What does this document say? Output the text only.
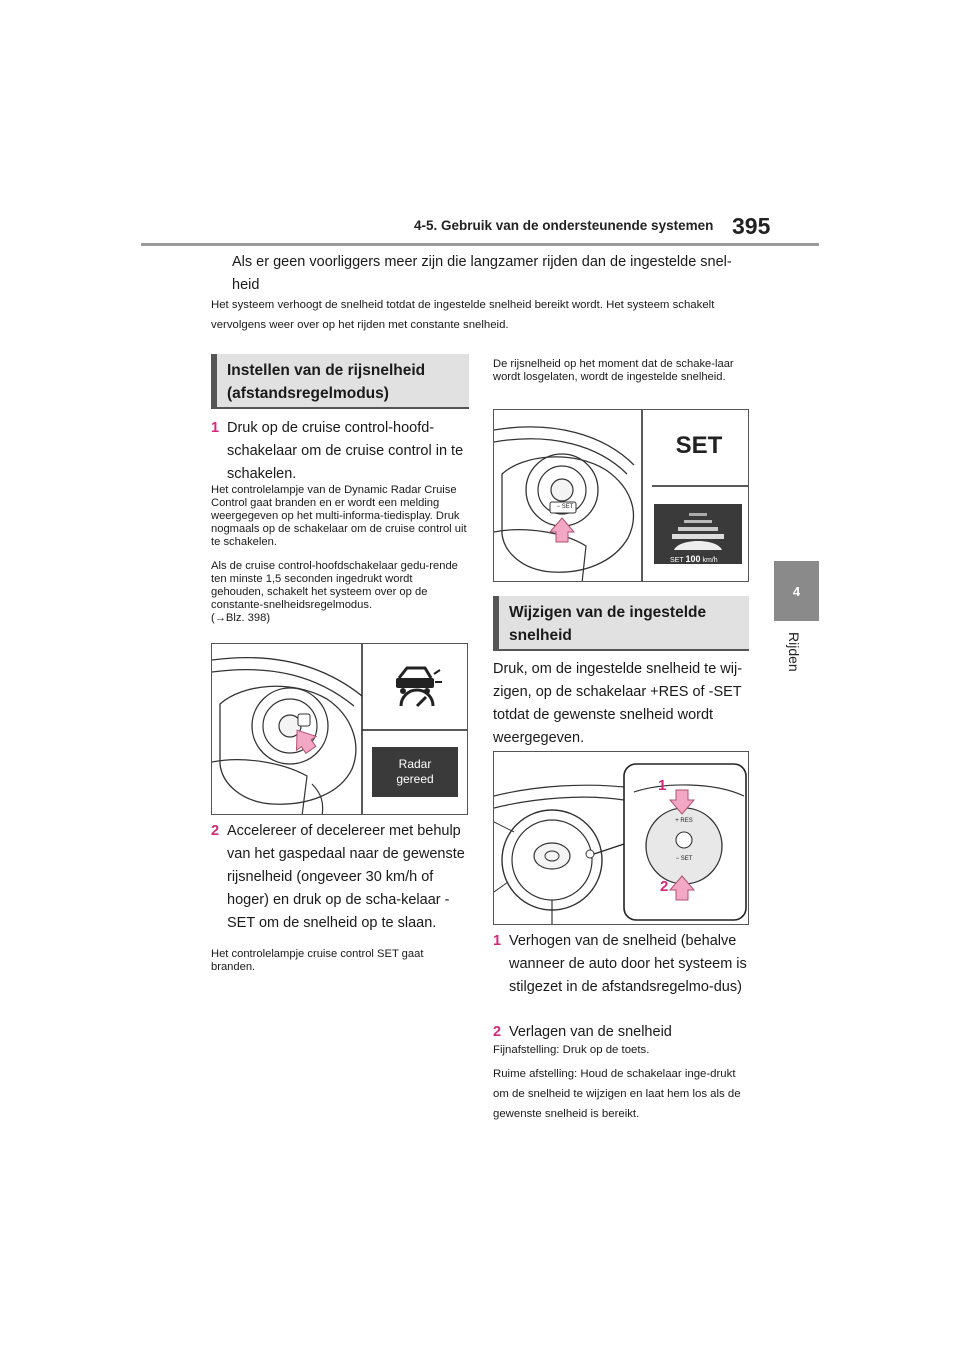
4-5. Gebruik van de ondersteunende systemen 395
4
Rijden
Als er geen voorliggers meer zijn die langzamer rijden dan de ingestelde snel-heid
Het systeem verhoogt de snelheid totdat de ingestelde snelheid bereikt wordt. Het systeem schakelt vervolgens weer over op het rijden met constante snelheid.
Instellen van de rijsnelheid (afstandsregelmodus)
1 Druk op de cruise control-hoofd-schakelaar om de cruise control in te schakelen.
Het controlelampje van de Dynamic Radar Cruise Control gaat branden en er wordt een melding weergegeven op het multi-informa-tiedisplay. Druk nogmaals op de schakelaar om de cruise control uit te schakelen.
Als de cruise control-hoofdschakelaar gedu-rende ten minste 1,5 seconden ingedrukt wordt gehouden, schakelt het systeem over op de constante-snelheidsregelmodus.
(→Blz. 398)
Radar
gereed
2 Accelereer of decelereer met behulp van het gaspedaal naar de gewenste rijsnelheid (ongeveer 30 km/h of hoger) en druk op de scha-kelaar -SET om de snelheid op te slaan.
Het controlelampje cruise control SET gaat branden.
De rijsnelheid op het moment dat de schake-laar wordt losgelaten, wordt de ingestelde snelheid.
SET
− SET
SET 100 km/h
Wijzigen van de ingestelde snelheid
Druk, om de ingestelde snelheid te wij-zigen, op de schakelaar +RES of -SET totdat de gewenste snelheid wordt weergegeven.
1
2
+ RES
− SET
1 Verhogen van de snelheid (behalve wanneer de auto door het systeem is stilgezet in de afstandsregelmo-dus)
2 Verlagen van de snelheid
Fijnafstelling: Druk op de toets.
Ruime afstelling: Houd de schakelaar inge-drukt om de snelheid te wijzigen en laat hem los als de gewenste snelheid is bereikt.
